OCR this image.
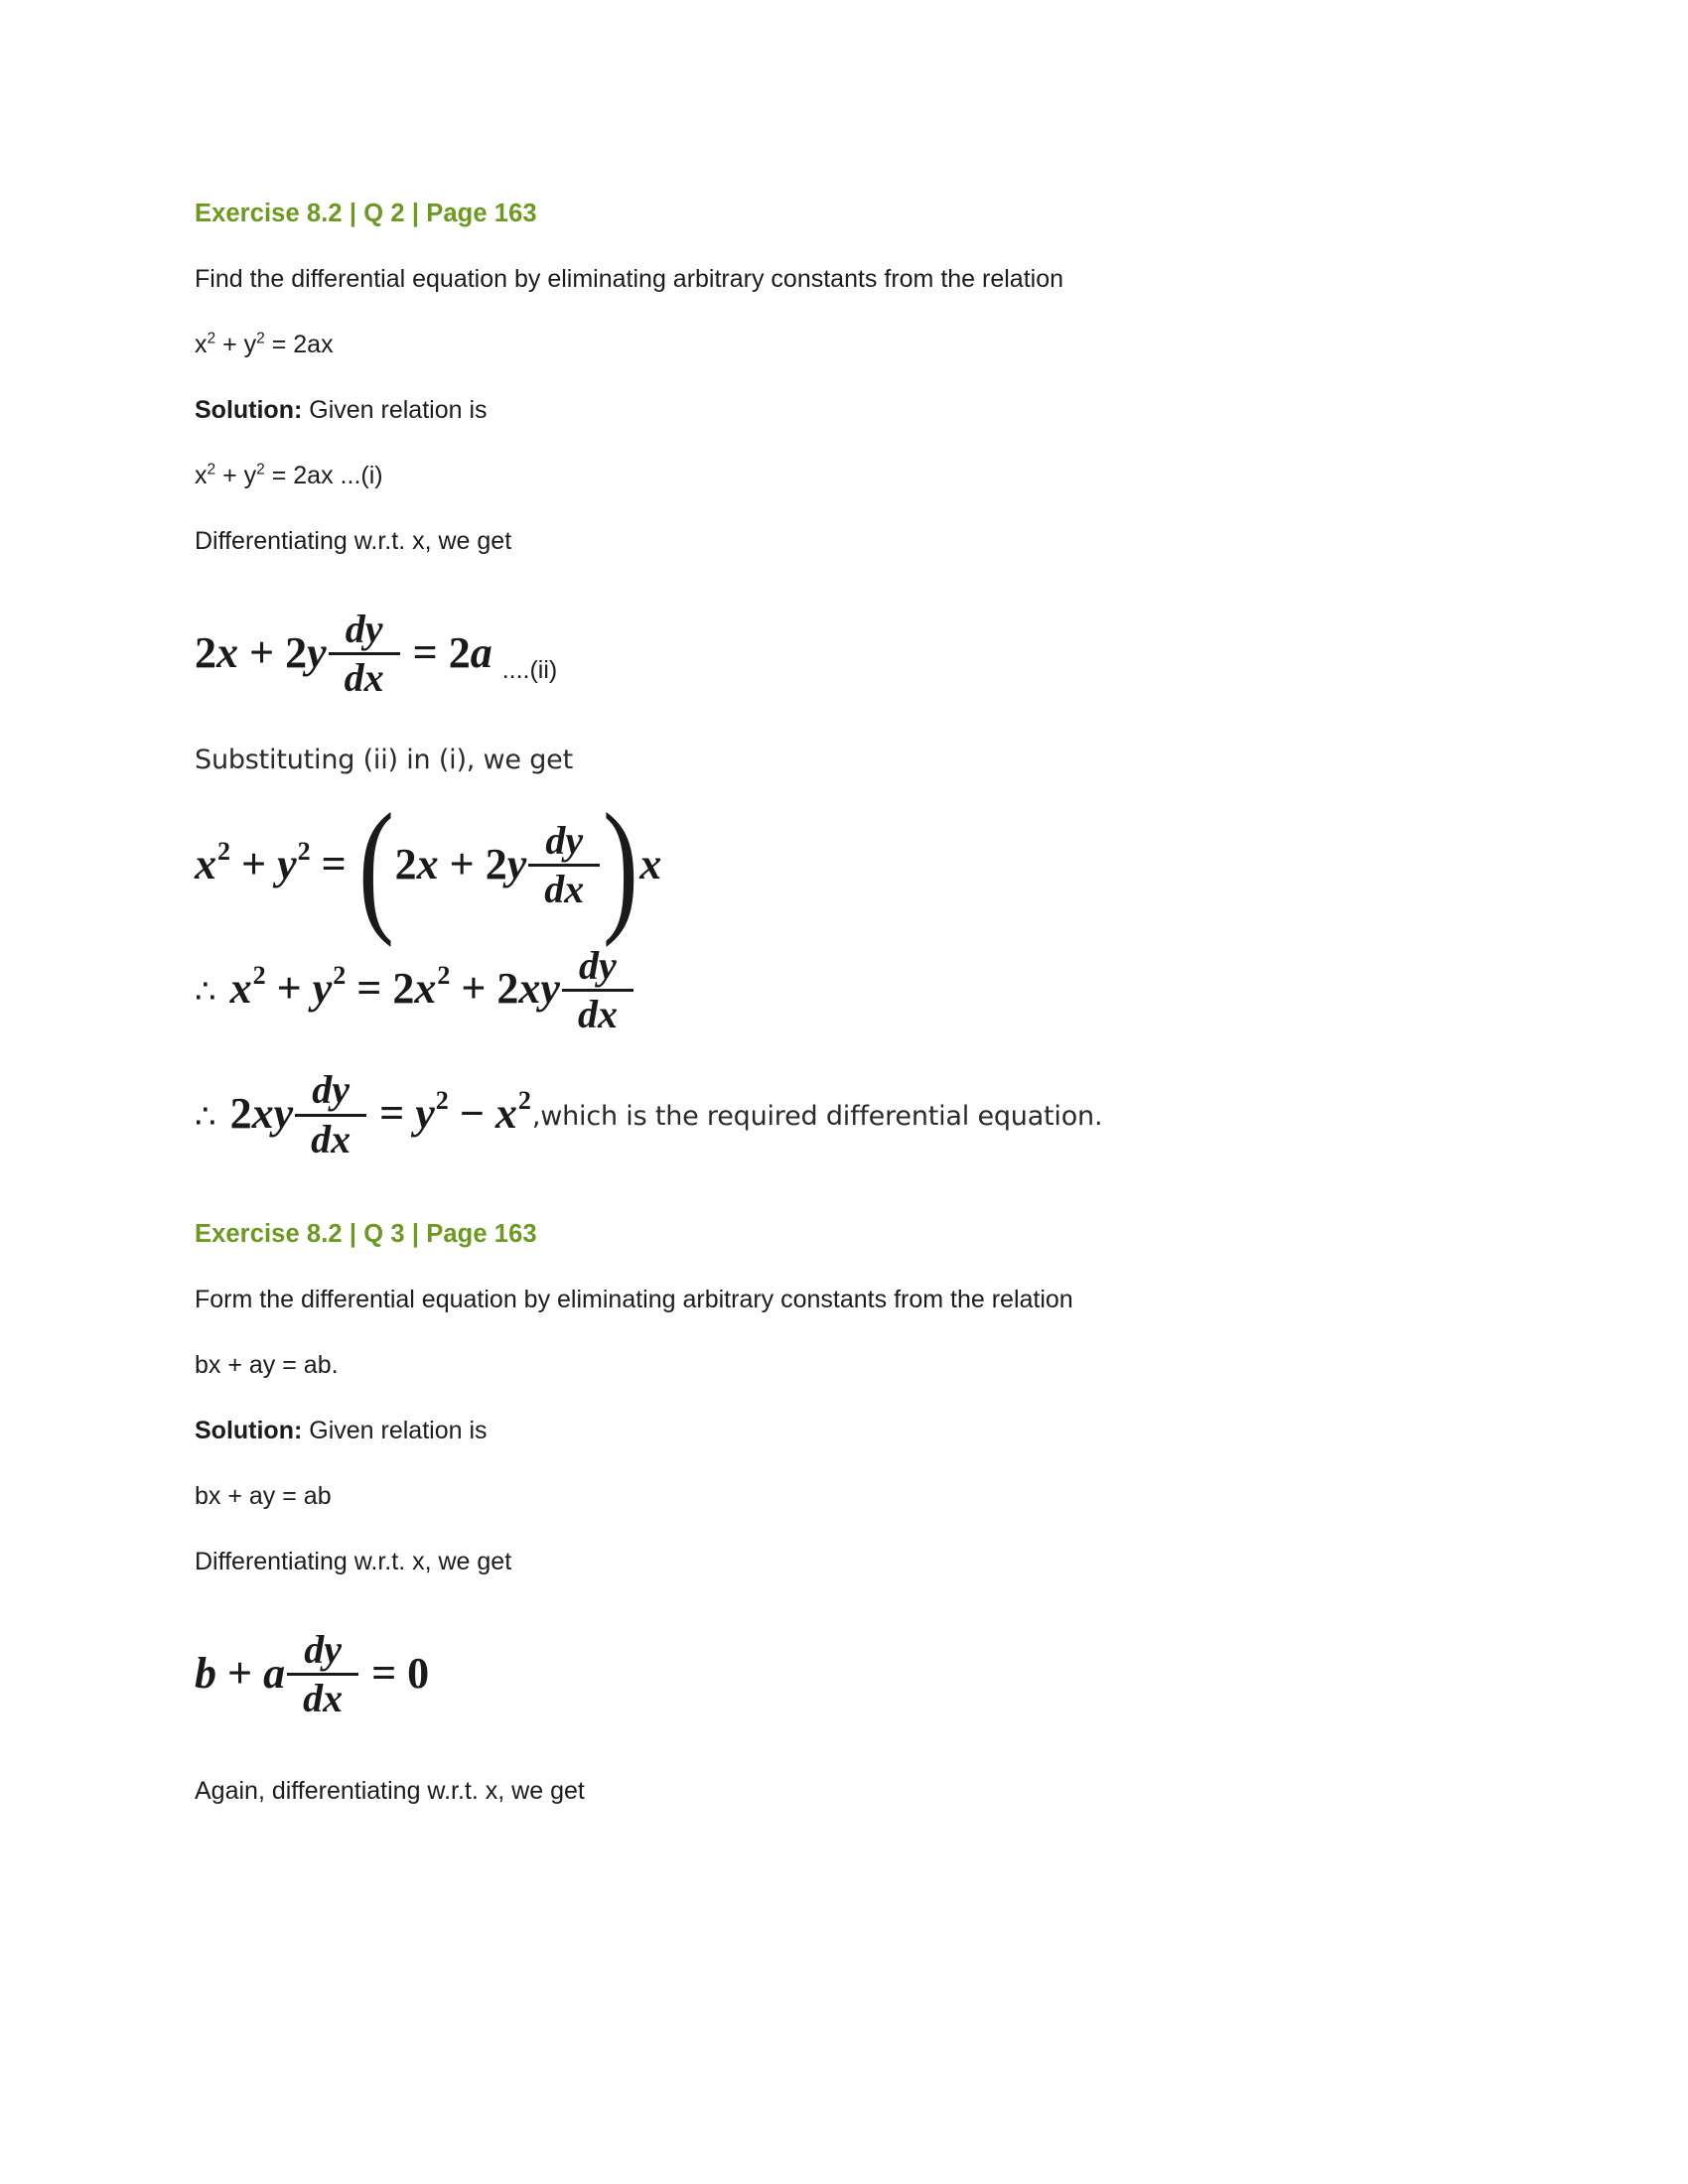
Exercise 8.2 | Q 2 | Page 163

Find the differential equation by eliminating arbitrary constants from the relation

$x^2 + y^2 = 2ax$

Solution: Given relation is

$x^2 + y^2 = 2ax$ ...(i)

Differentiating w.r.t. x, we get

2 x + 2 y $\frac{dy}{dx} = 2$ a ....(ii)
Substituting (ii) in (i), we get
x 2 + y 2 = ( 2 x + 2 y $\frac{dy}{dx}$ ) x
∴ x 2 + y 2 = 2 x 2 + 2 x y $\frac{dy}{dx}$
∴ 2 x y $\frac{dy}{dx} = y$ 2 − x 2 ,which is the required differential equation.
Exercise 8.2 | Q 3 | Page 163

Form the differential equation by eliminating arbitrary constants from the relation

bx + ay = ab.

Solution: Given relation is

bx + ay = ab

Differentiating w.r.t. x, we get

b + a $\frac{dy}{dx} = 0$

Again, differentiating w.r.t. x, we get
